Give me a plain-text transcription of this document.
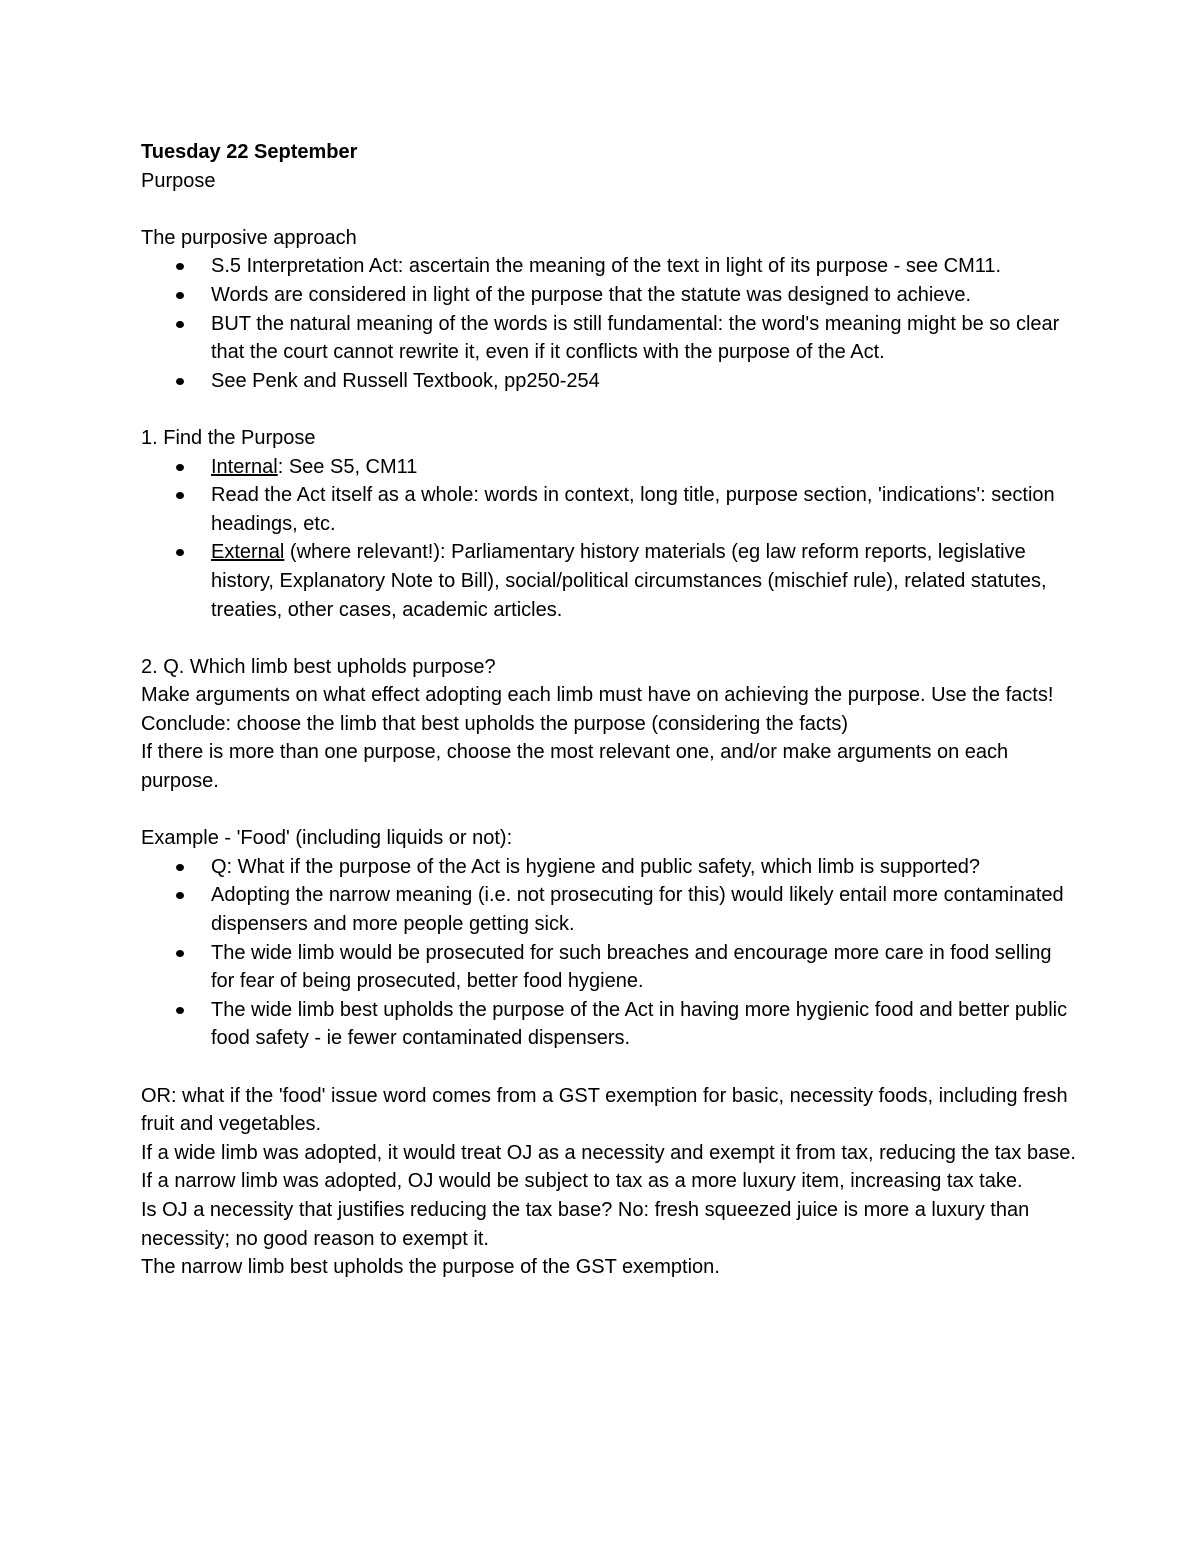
Tuesday 22 September

Purpose

The purposive approach

S.5 Interpretation Act: ascertain the meaning of the text in light of its purpose - see CM11.
Words are considered in light of the purpose that the statute was designed to achieve.
BUT the natural meaning of the words is still fundamental: the word's meaning might be so clear that the court cannot rewrite it, even if it conflicts with the purpose of the Act.
See Penk and Russell Textbook, pp250-254

1. Find the Purpose

Internal: See S5, CM11
Read the Act itself as a whole: words in context, long title, purpose section, 'indications': section headings, etc.
External (where relevant!): Parliamentary history materials (eg law reform reports, legislative history, Explanatory Note to Bill), social/political circumstances (mischief rule), related statutes, treaties, other cases, academic articles.

2. Q. Which limb best upholds purpose?

Make arguments on what effect adopting each limb must have on achieving the purpose. Use the facts!

Conclude: choose the limb that best upholds the purpose (considering the facts)

If there is more than one purpose, choose the most relevant one, and/or make arguments on each purpose.

Example - 'Food' (including liquids or not):

Q: What if the purpose of the Act is hygiene and public safety, which limb is supported?
Adopting the narrow meaning (i.e. not prosecuting for this) would likely entail more contaminated dispensers and more people getting sick.
The wide limb would be prosecuted for such breaches and encourage more care in food selling for fear of being prosecuted, better food hygiene.
The wide limb best upholds the purpose of the Act in having more hygienic food and better public food safety - ie fewer contaminated dispensers.

OR: what if the 'food' issue word comes from a GST exemption for basic, necessity foods, including fresh fruit and vegetables.

If a wide limb was adopted, it would treat OJ as a necessity and exempt it from tax, reducing the tax base.

If a narrow limb was adopted, OJ would be subject to tax as a more luxury item, increasing tax take.

Is OJ a necessity that justifies reducing the tax base? No: fresh squeezed juice is more a luxury than necessity; no good reason to exempt it.

The narrow limb best upholds the purpose of the GST exemption.
